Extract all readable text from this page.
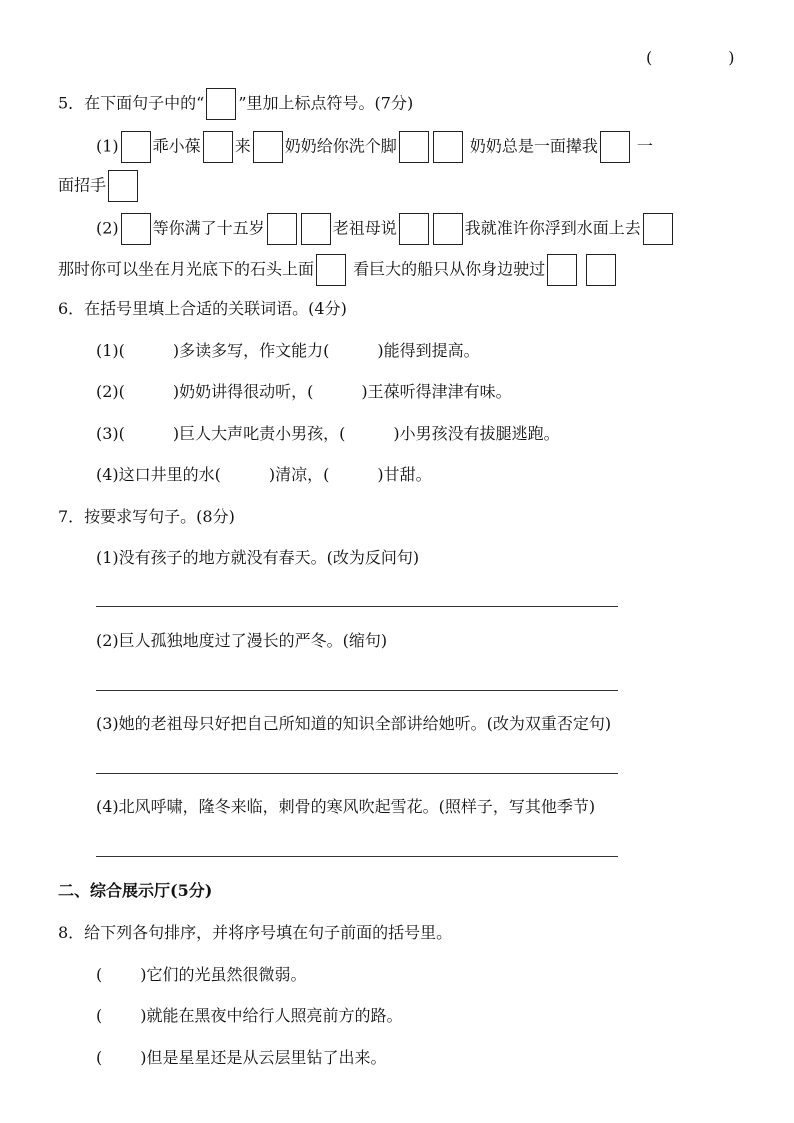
(	)
5．在下面句子中的“ ”里加上标点符号。(7分)
(1) 乖小葆 来 奶奶给你洗个脚	奶奶总是一面撵我 一
面招手
(2) 等你满了十五岁	老祖母说	我就准许你浮到水面上去
那时你可以坐在月光底下的石头上面 看巨大的船只从你身边驶过
6．在括号里填上合适的关联词语。(4分)
(1)(	)多读多写，作文能力(	)能得到提高。
(2)(	)奶奶讲得很动听，(	)王葆听得津津有味。
(3)(	)巨人大声叱责小男孩，(	)小男孩没有拔腿逃跑。
(4)这口井里的水(	)清凉，(	)甘甜。
7．按要求写句子。(8分)
(1)没有孩子的地方就没有春天。(改为反问句)
(2)巨人孤独地度过了漫长的严冬。(缩句)
(3)她的老祖母只好把自己所知道的知识全部讲给她听。(改为双重否定句)
(4)北风呼啸，隆冬来临，刺骨的寒风吹起雪花。(照样子，写其他季节)
二、综合展示厅(5分)
8．给下列各句排序，并将序号填在句子前面的括号里。
( )它们的光虽然很微弱。
( )就能在黑夜中给行人照亮前方的路。
( )但是星星还是从云层里钻了出来。
